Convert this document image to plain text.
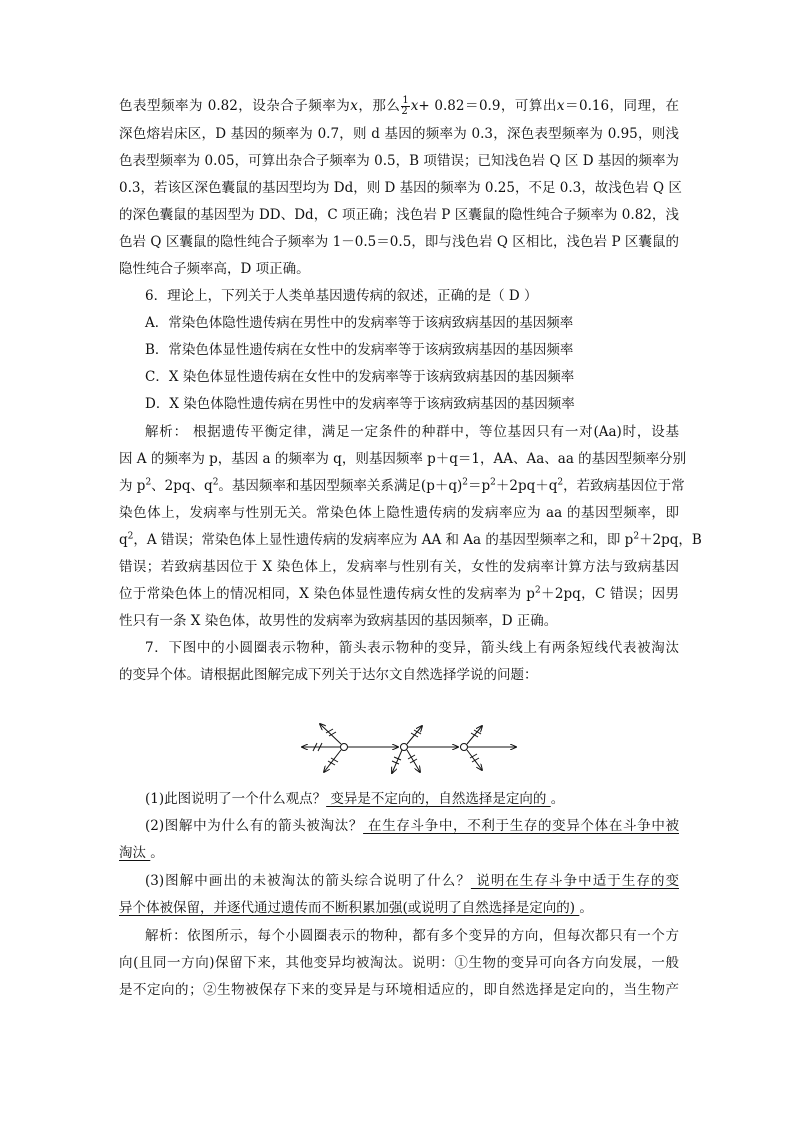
色表型频率为 0.82，设杂合子频率为x，那么 $\frac{1}{2} x+ 0.82=0.9$，可算出x＝0.16，同理，在
深色熔岩床区，D 基因的频率为 0.7，则 d 基因的频率为 0.3，深色表型频率为 0.95，则浅
色表型频率为 0.05，可算出杂合子频率为 0.5，B 项错误；已知浅色岩 Q 区 D 基因的频率为
0.3，若该区深色囊鼠的基因型均为 Dd，则 D 基因的频率为 0.25，不足 0.3，故浅色岩 Q 区
的深色囊鼠的基因型为 DD、Dd，C 项正确；浅色岩 P 区囊鼠的隐性纯合子频率为 0.82，浅
色岩 Q 区囊鼠的隐性纯合子频率为 1－0.5＝0.5，即与浅色岩 Q 区相比，浅色岩 P 区囊鼠的
隐性纯合子频率高，D 项正确。
6．理论上，下列关于人类单基因遗传病的叙述，正确的是（ D ）
A．常染色体隐性遗传病在男性中的发病率等于该病致病基因的基因频率
B．常染色体显性遗传病在女性中的发病率等于该病致病基因的基因频率
C．X 染色体显性遗传病在女性中的发病率等于该病致病基因的基因频率
D．X 染色体隐性遗传病在男性中的发病率等于该病致病基因的基因频率
解析： 根据遗传平衡定律，满足一定条件的种群中，等位基因只有一对(Aa)时，设基
因 A 的频率为 p，基因 a 的频率为 q，则基因频率 p＋q＝1，AA、Aa、aa 的基因型频率分别
为 $p^2$、2pq、$q^2$。基因频率和基因型频率关系满足$(p+q)^2=p^2+2pq+q^2$，若致病基因位于常
染色体上，发病率与性别无关。常染色体上隐性遗传病的发病率应为 aa 的基因型频率，即
$q^2$，A 错误；常染色体上显性遗传病的发病率应为 AA 和 Aa 的基因型频率之和，即 $p^2+2pq$，B
错误；若致病基因位于 X 染色体上，发病率与性别有关，女性的发病率计算方法与致病基因
位于常染色体上的情况相同，X 染色体显性遗传病女性的发病率为 $p^2+2pq$，C 错误；因男
性只有一条 X 染色体，故男性的发病率为致病基因的基因频率，D 正确。
7．下图中的小圆圈表示物种，箭头表示物种的变异，箭头线上有两条短线代表被淘汰
的变异个体。请根据此图解完成下列关于达尔文自然选择学说的问题：
(1)此图说明了一个什么观点？ 变异是不定向的，自然选择是定向的 。
(2)图解中为什么有的箭头被淘汰？ 在生存斗争中，不利于生存的变异个体在斗争中被
淘汰 。
(3)图解中画出的未被淘汰的箭头综合说明了什么？ 说明在生存斗争中适于生存的变
异个体被保留，并逐代通过遗传而不断积累加强(或说明了自然选择是定向的) 。
解析：依图所示，每个小圆圈表示的物种，都有多个变异的方向，但每次都只有一个方
向(且同一方向)保留下来，其他变异均被淘汰。说明：①生物的变异可向各方向发展，一般
是不定向的；②生物被保存下来的变异是与环境相适应的，即自然选择是定向的，当生物产
